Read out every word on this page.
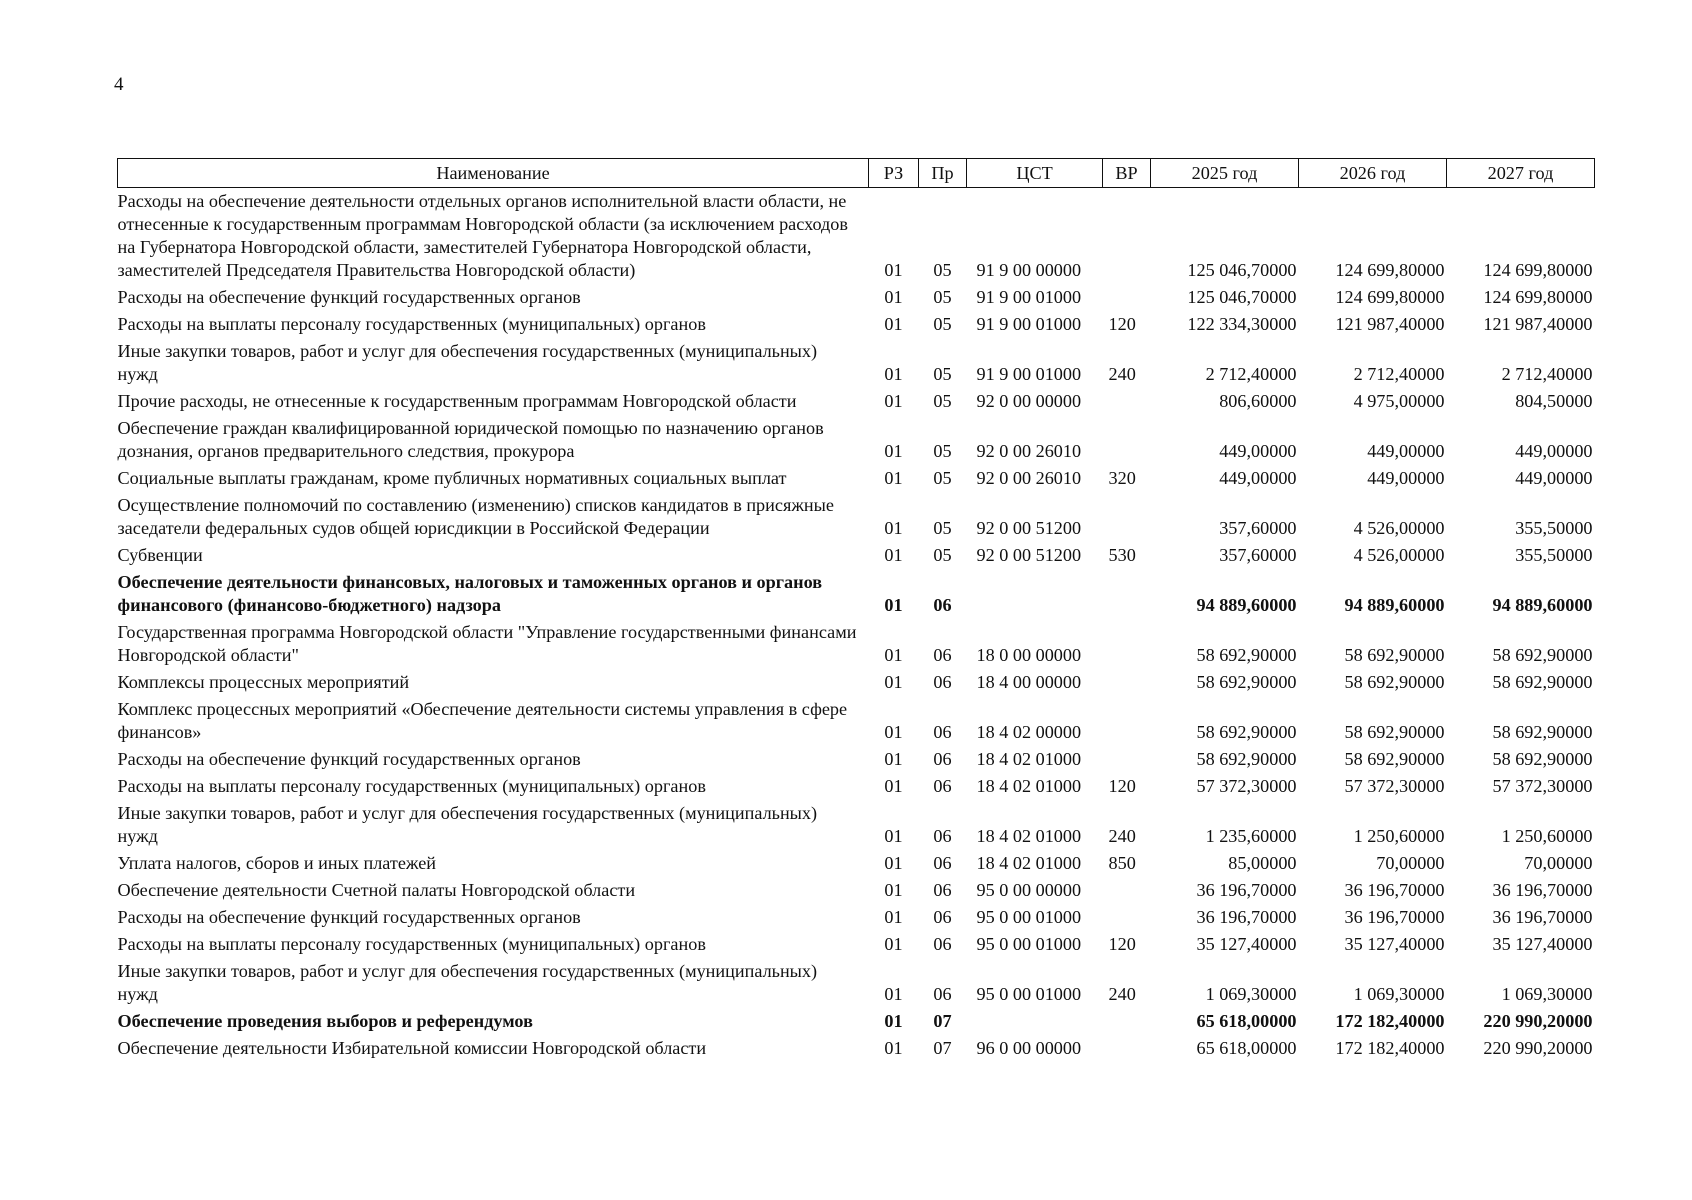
4
Наименование	РЗ	Пр	ЦСТ	ВР	2025 год	2026 год	2027 год
Расходы на обеспечение деятельности отдельных органов исполнительной власти области, не отнесенные к государственным программам Новгородской области (за исключением расходов на Губернатора Новгородской области, заместителей Губернатора Новгородской области, заместителей Председателя Правительства Новгородской области)	01	05	91 9 00 00000		125 046,70000	124 699,80000	124 699,80000
Расходы на обеспечение функций государственных органов	01	05	91 9 00 01000		125 046,70000	124 699,80000	124 699,80000
Расходы на выплаты персоналу государственных (муниципальных) органов	01	05	91 9 00 01000	120	122 334,30000	121 987,40000	121 987,40000
Иные закупки товаров, работ и услуг для обеспечения государственных (муниципальных) нужд	01	05	91 9 00 01000	240	2 712,40000	2 712,40000	2 712,40000
Прочие расходы, не отнесенные к государственным программам Новгородской области	01	05	92 0 00 00000		806,60000	4 975,00000	804,50000
Обеспечение граждан квалифицированной юридической помощью по назначению органов дознания, органов предварительного следствия, прокурора	01	05	92 0 00 26010		449,00000	449,00000	449,00000
Социальные выплаты гражданам, кроме публичных нормативных социальных выплат	01	05	92 0 00 26010	320	449,00000	449,00000	449,00000
Осуществление полномочий по составлению (изменению) списков кандидатов в присяжные заседатели федеральных судов общей юрисдикции в Российской Федерации	01	05	92 0 00 51200		357,60000	4 526,00000	355,50000
Субвенции	01	05	92 0 00 51200	530	357,60000	4 526,00000	355,50000
Обеспечение деятельности финансовых, налоговых и таможенных органов и органов финансового (финансово-бюджетного) надзора	01	06			94 889,60000	94 889,60000	94 889,60000
Государственная программа Новгородской области "Управление государственными финансами Новгородской области"	01	06	18 0 00 00000		58 692,90000	58 692,90000	58 692,90000
Комплексы процессных мероприятий	01	06	18 4 00 00000		58 692,90000	58 692,90000	58 692,90000
Комплекс процессных мероприятий «Обеспечение деятельности системы управления в сфере финансов»	01	06	18 4 02 00000		58 692,90000	58 692,90000	58 692,90000
Расходы на обеспечение функций государственных органов	01	06	18 4 02 01000		58 692,90000	58 692,90000	58 692,90000
Расходы на выплаты персоналу государственных (муниципальных) органов	01	06	18 4 02 01000	120	57 372,30000	57 372,30000	57 372,30000
Иные закупки товаров, работ и услуг для обеспечения государственных (муниципальных) нужд	01	06	18 4 02 01000	240	1 235,60000	1 250,60000	1 250,60000
Уплата налогов, сборов и иных платежей	01	06	18 4 02 01000	850	85,00000	70,00000	70,00000
Обеспечение деятельности Счетной палаты Новгородской области	01	06	95 0 00 00000		36 196,70000	36 196,70000	36 196,70000
Расходы на обеспечение функций государственных органов	01	06	95 0 00 01000		36 196,70000	36 196,70000	36 196,70000
Расходы на выплаты персоналу государственных (муниципальных) органов	01	06	95 0 00 01000	120	35 127,40000	35 127,40000	35 127,40000
Иные закупки товаров, работ и услуг для обеспечения государственных (муниципальных) нужд	01	06	95 0 00 01000	240	1 069,30000	1 069,30000	1 069,30000
Обеспечение проведения выборов и референдумов	01	07			65 618,00000	172 182,40000	220 990,20000
Обеспечение деятельности Избирательной комиссии Новгородской области	01	07	96 0 00 00000		65 618,00000	172 182,40000	220 990,20000
